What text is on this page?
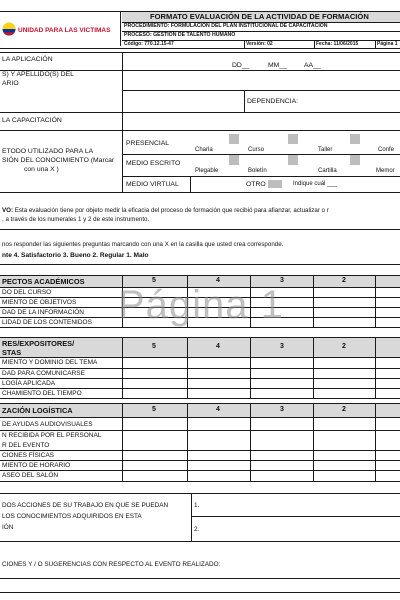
UNIDAD PARA LAS VICTIMAS
FORMATO EVALUACIÓN DE LA ACTIVIDAD DE FORMACIÓN
PROCEDIMIENTO: FORMULACIÓN DEL PLAN INSTITUCIONAL DE CAPACITACIÓN
PROCESO: GESTIÓN DE TALENTO HUMANO
Código: 770.12.15-47	Versión: 02	Fecha: 11/06/2015	Página 1
LA APLICACIÓN
DD__	MM__	AA__
S) Y APELLIDO(S) DEL
ARIO
DEPENDENCIA:
LA CAPACITACIÓN
ETODO UTILIZADO PARA LA
SIÓN DEL CONOCIMIENTO (Marcar
con una X )
PRESENCIAL
Charla	Curso	Taller	Confe
MEDIO ESCRITO
Plegable	Boletín	Cartilla	Memor
MEDIO VIRTUAL	OTRO	Indique cuál ___
VO: Esta evaluación tiene por objeto medir la eficacia del proceso de formación que recibió para afianzar, actualizar o r
, a través de los numerales 1 y 2 de este instrumento.
nos responder las siguientes preguntas marcando con una X en la casilla que usted crea corresponde.
nte 4. Satisfactorio 3. Bueno 2. Regular 1. Malo
PECTOS ACADÉMICOS	5	4	3	2
DO DEL CURSO
MIENTO DE OBJETIVOS
DAD DE LA INFORMACIÓN
LIDAD DE LOS CONTENIDOS
RES/EXPOSITORES/
STAS
5	4	3	2
MIENTO Y DOMINIO DEL TEMA
DAD PARA COMUNICARSE
LOGÍA APLICADA
CHAMIENTO DEL TIEMPO
ZACIÓN LOGÍSTICA	5	4	3	2
DE AYUDAS AUDIOVISUALES
N RECIBIDA POR EL PERSONAL
R DEL EVENTO
CIONES FÍSICAS
MIENTO DE HORARIO
ASEO DEL SALÓN
DOS ACCIONES DE SU TRABAJO EN QUE SE PUEDAN
LOS CONOCIMIENTOS ADQUIRIDOS EN ESTA
IÓN
1.
2.
CIONES Y / O SUGERENCIAS CON RESPECTO AL EVENTO REALIZADO:
Página 1
